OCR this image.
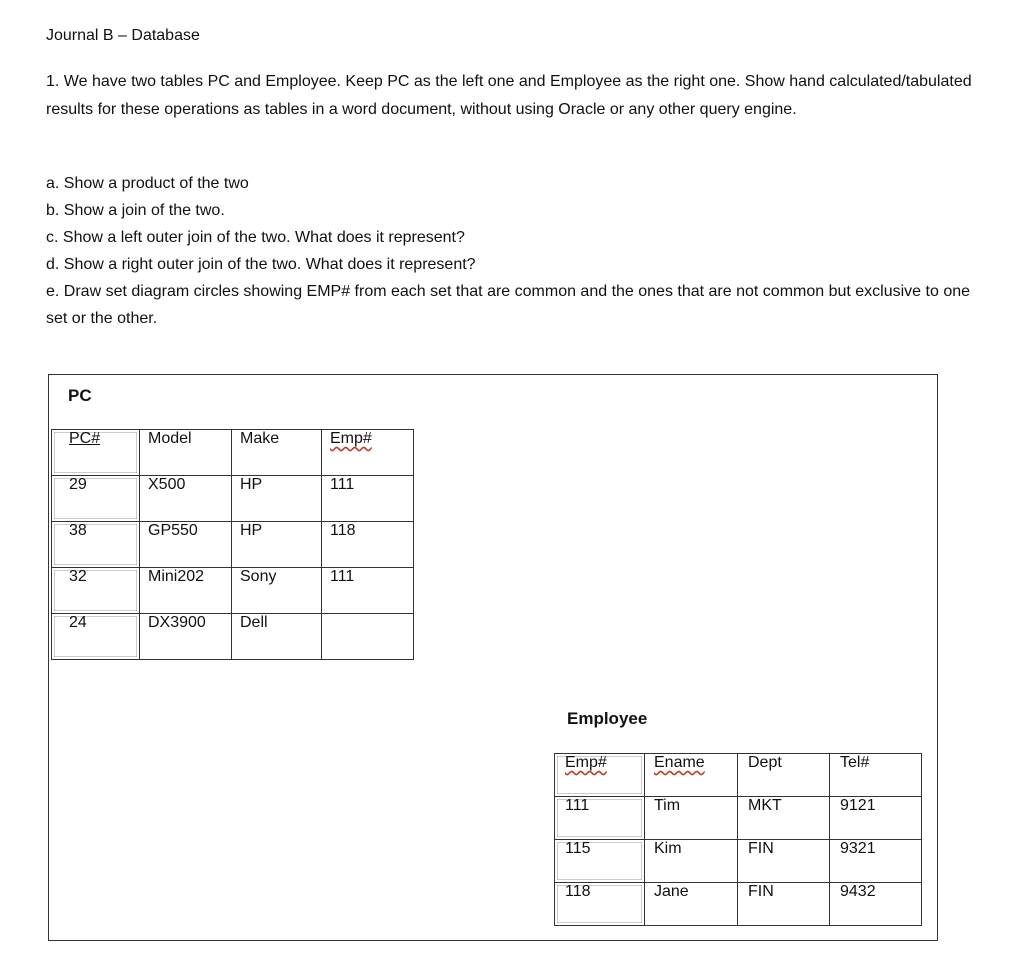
Journal B – Database
1. We have two tables PC and Employee. Keep PC as the left one and Employee as the right one. Show hand calculated/tabulated results for these operations as tables in a word document, without using Oracle or any other query engine.
a. Show a product of the two
b. Show a join of the two.
c. Show a left outer join of the two. What does it represent?
d. Show a right outer join of the two. What does it represent?
e. Draw set diagram circles showing EMP# from each set that are common and the ones that are not common but exclusive to one set or the other.
PC
PC#	Model	Make	Emp#
29	X500	HP	111
38	GP550	HP	118
32	Mini202	Sony	111
24	DX3900	Dell	
Employee
Emp#	Ename	Dept	Tel#
111	Tim	MKT	9121
115	Kim	FIN	9321
118	Jane	FIN	9432
